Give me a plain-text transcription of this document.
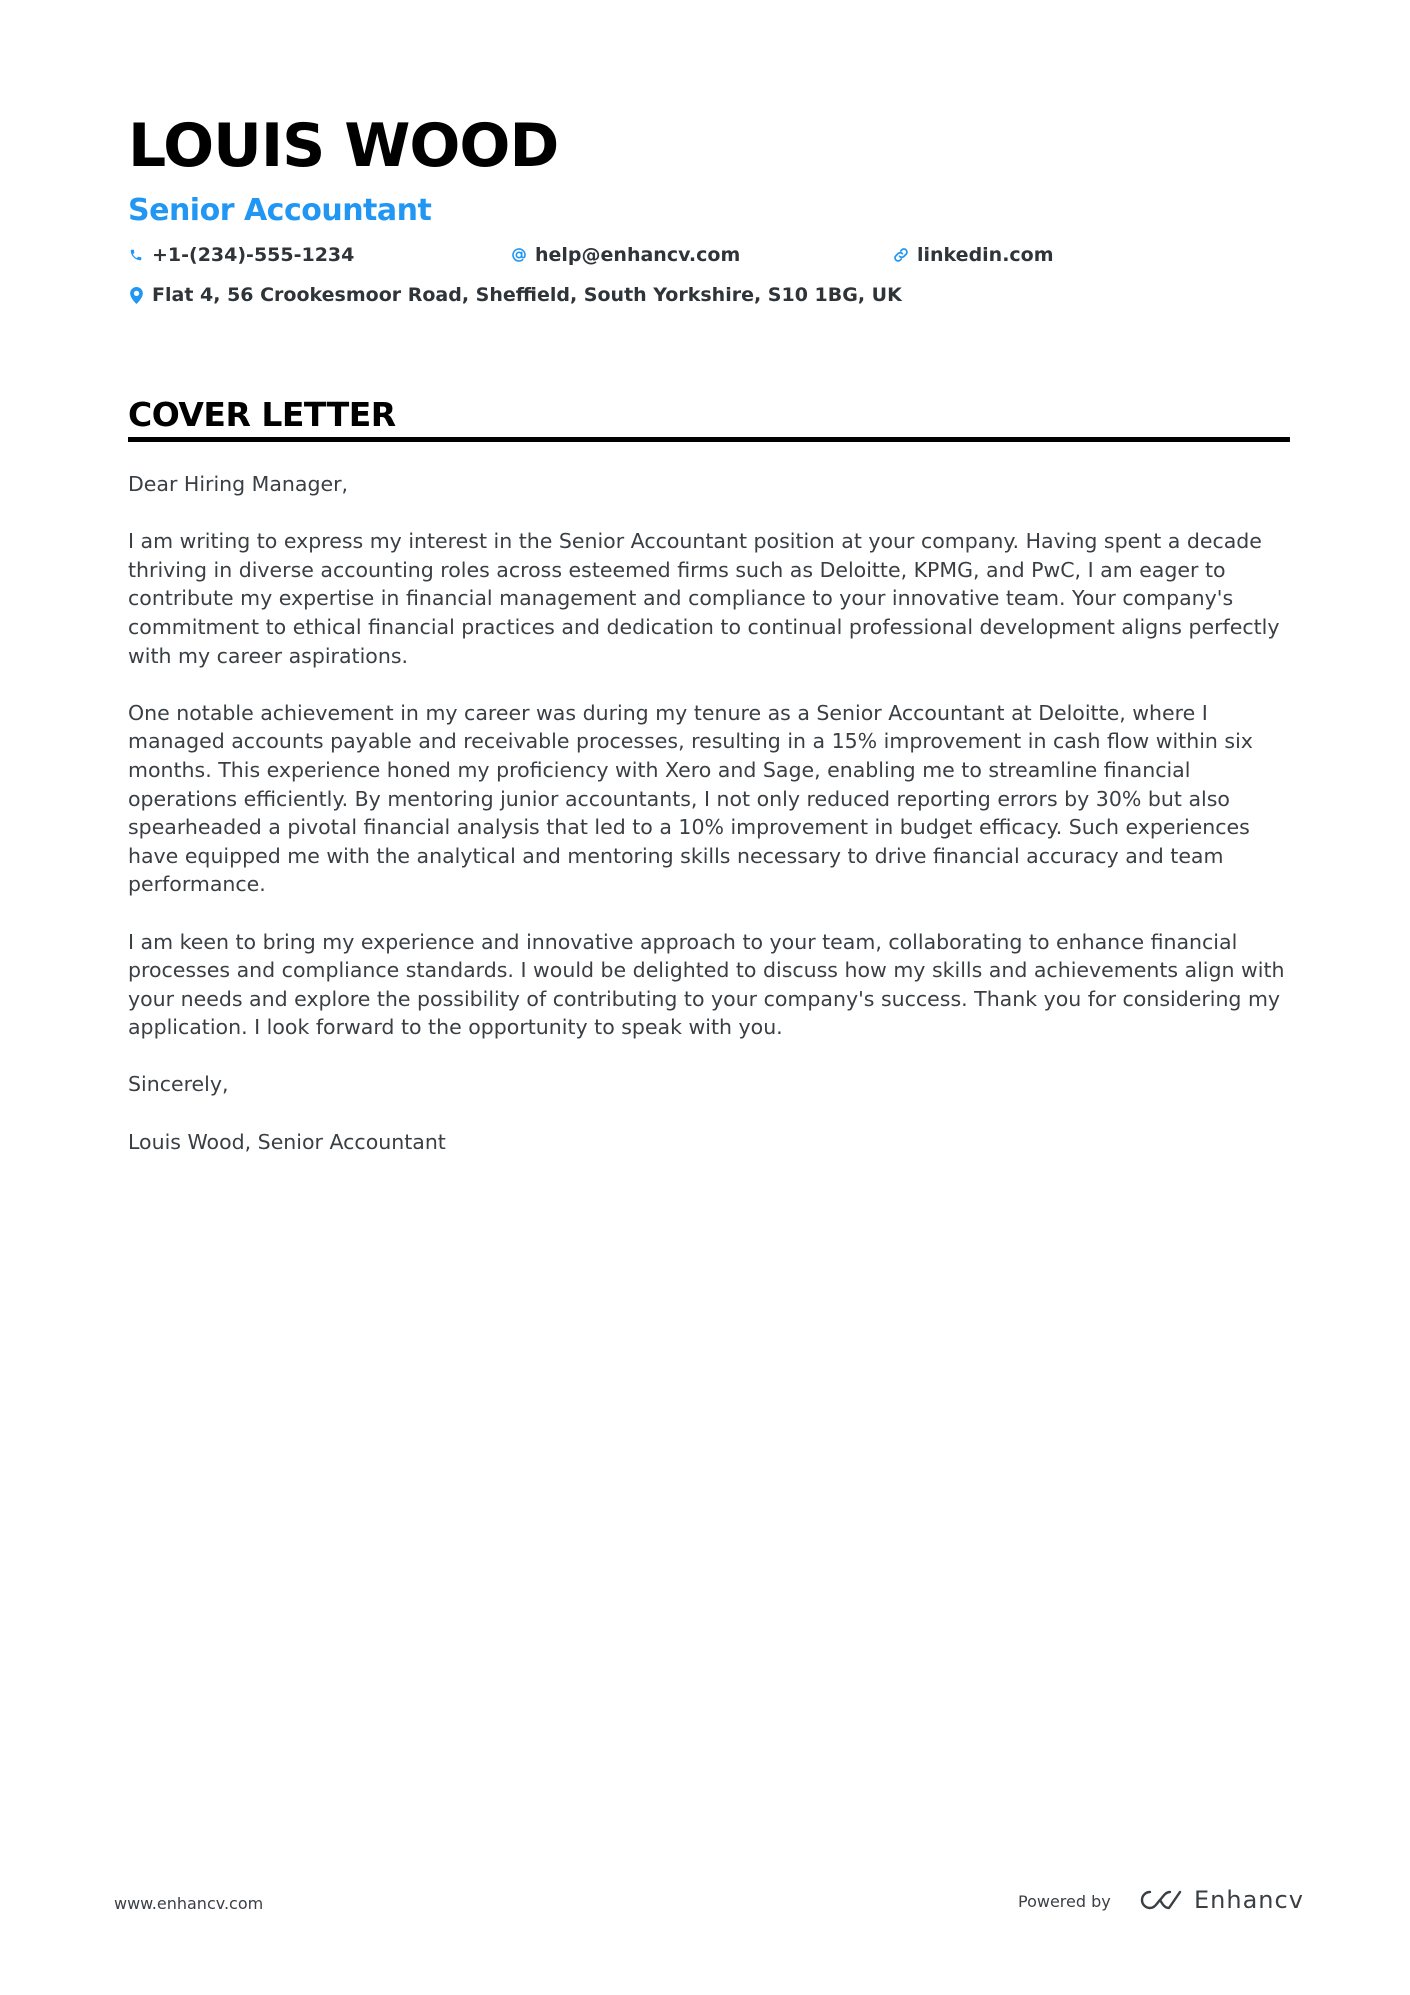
LOUIS WOOD
Senior Accountant
+1-(234)-555-1234	help@enhancv.com	linkedin.com
Flat 4, 56 Crookesmoor Road, Sheffield, South Yorkshire, S10 1BG, UK
COVER LETTER

Dear Hiring Manager,

I am writing to express my interest in the Senior Accountant position at your company. Having spent a decade thriving in diverse accounting roles across esteemed firms such as Deloitte, KPMG, and PwC, I am eager to contribute my expertise in financial management and compliance to your innovative team. Your company's commitment to ethical financial practices and dedication to continual professional development aligns perfectly with my career aspirations.

One notable achievement in my career was during my tenure as a Senior Accountant at Deloitte, where I managed accounts payable and receivable processes, resulting in a 15% improvement in cash flow within six months. This experience honed my proficiency with Xero and Sage, enabling me to streamline financial operations efficiently. By mentoring junior accountants, I not only reduced reporting errors by 30% but also spearheaded a pivotal financial analysis that led to a 10% improvement in budget efficacy. Such experiences have equipped me with the analytical and mentoring skills necessary to drive financial accuracy and team performance.

I am keen to bring my experience and innovative approach to your team, collaborating to enhance financial processes and compliance standards. I would be delighted to discuss how my skills and achievements align with your needs and explore the possibility of contributing to your company's success. Thank you for considering my application. I look forward to the opportunity to speak with you.

Sincerely,

Louis Wood, Senior Accountant

www.enhancv.com	Powered by	Enhancv
